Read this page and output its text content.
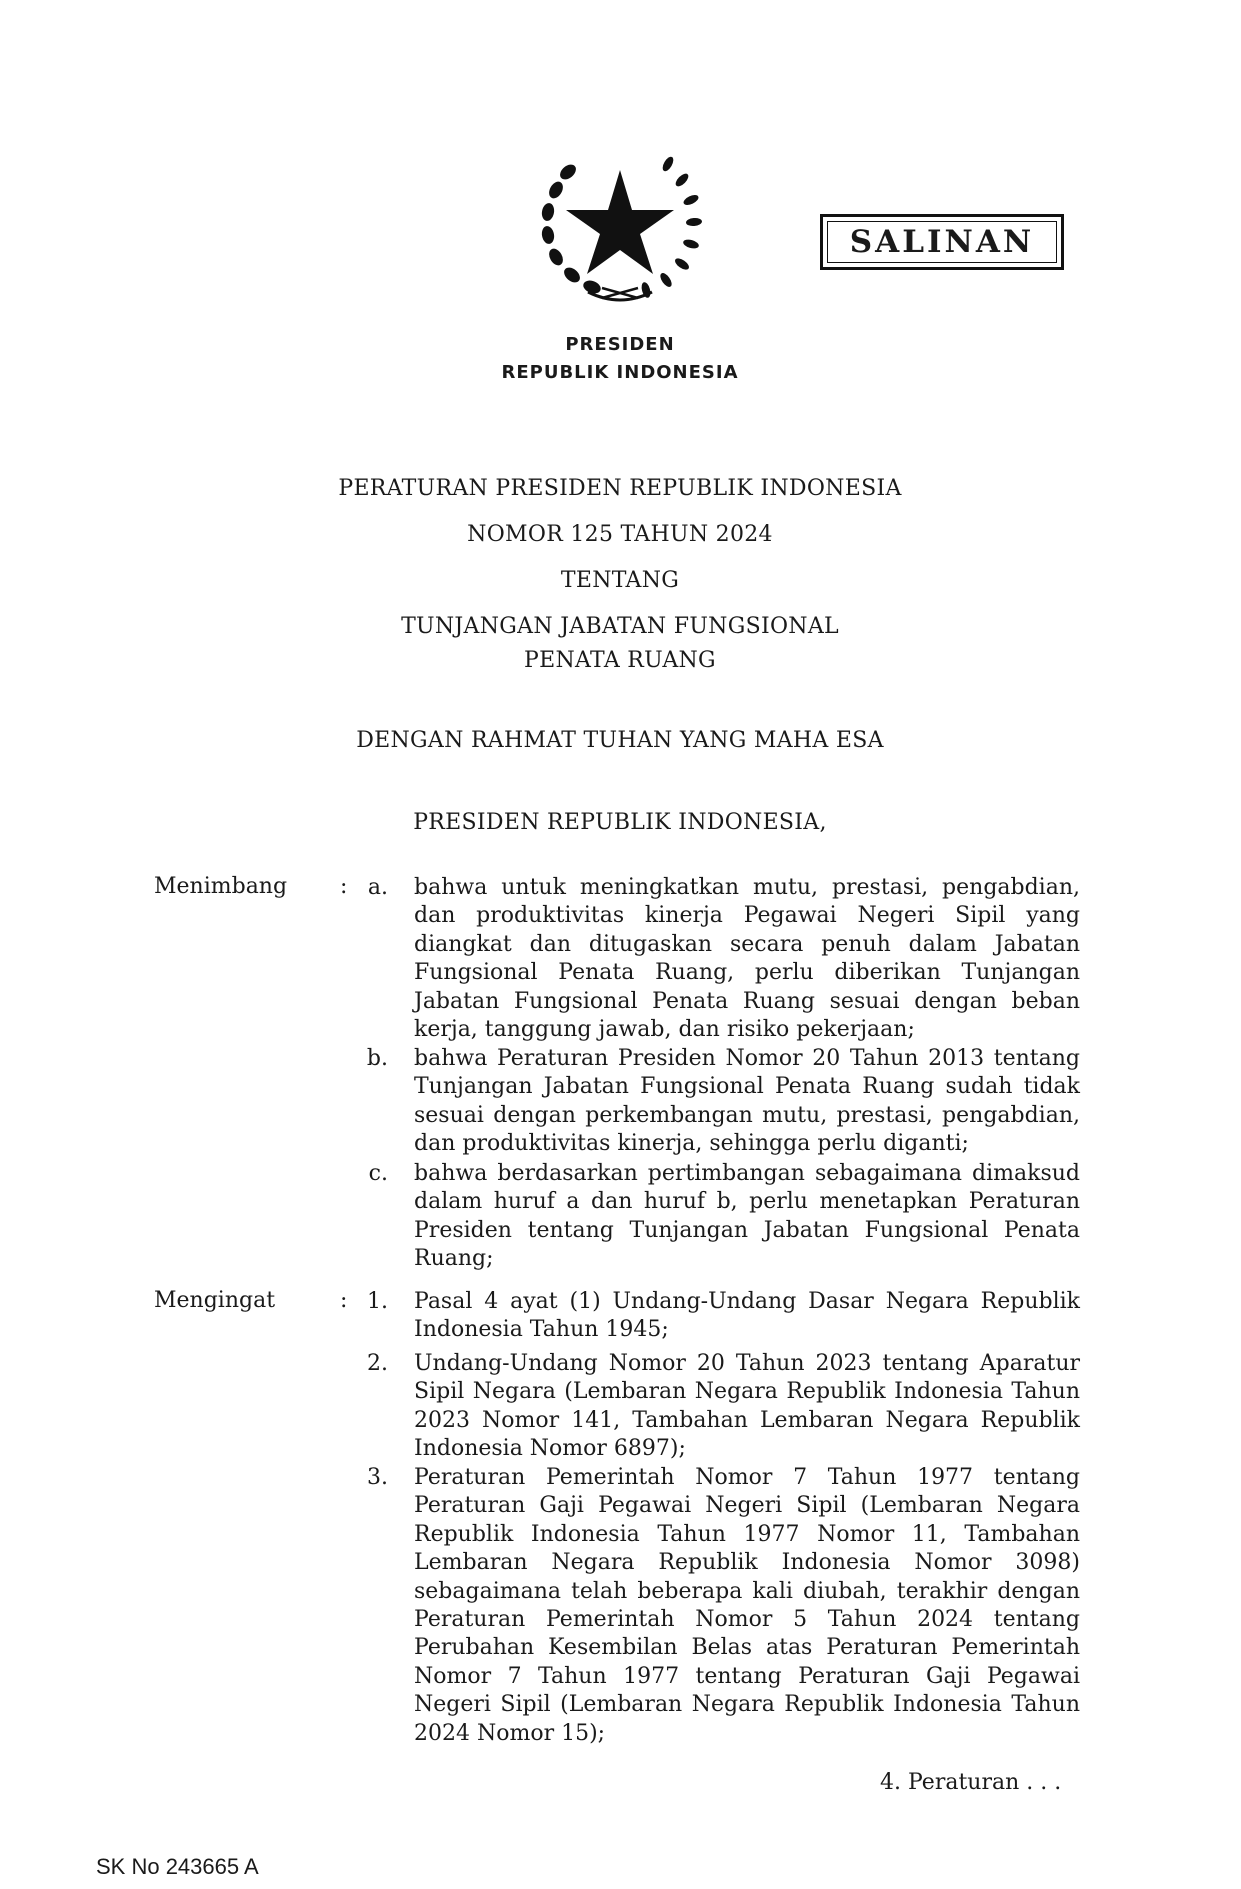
SALINAN
PRESIDEN
REPUBLIK INDONESIA
PERATURAN PRESIDEN REPUBLIK INDONESIA
NOMOR 125 TAHUN 2024
TENTANG
TUNJANGAN JABATAN FUNGSIONAL
PENATA RUANG
DENGAN RAHMAT TUHAN YANG MAHA ESA
PRESIDEN REPUBLIK INDONESIA,
Menimbang : a. bahwa untuk meningkatkan mutu, prestasi, pengabdian, dan produktivitas kinerja Pegawai Negeri Sipil yang diangkat dan ditugaskan secara penuh dalam Jabatan Fungsional Penata Ruang, perlu diberikan Tunjangan Jabatan Fungsional Penata Ruang sesuai dengan beban kerja, tanggung jawab, dan risiko pekerjaan;
b. bahwa Peraturan Presiden Nomor 20 Tahun 2013 tentang Tunjangan Jabatan Fungsional Penata Ruang sudah tidak sesuai dengan perkembangan mutu, prestasi, pengabdian, dan produktivitas kinerja, sehingga perlu diganti;
c. bahwa berdasarkan pertimbangan sebagaimana dimaksud dalam huruf a dan huruf b, perlu menetapkan Peraturan Presiden tentang Tunjangan Jabatan Fungsional Penata Ruang;
Mengingat	: 1. Pasal 4 ayat (1) Undang-Undang Dasar Negara Republik Indonesia Tahun 1945;
2. Undang-Undang Nomor 20 Tahun 2023 tentang Aparatur Sipil Negara (Lembaran Negara Republik Indonesia Tahun 2023 Nomor 141, Tambahan Lembaran Negara Republik Indonesia Nomor 6897);
3. Peraturan Pemerintah Nomor 7 Tahun 1977 tentang Peraturan Gaji Pegawai Negeri Sipil (Lembaran Negara Republik Indonesia Tahun 1977 Nomor 11, Tambahan Lembaran Negara Republik Indonesia Nomor 3098) sebagaimana telah beberapa kali diubah, terakhir dengan Peraturan Pemerintah Nomor 5 Tahun 2024 tentang Perubahan Kesembilan Belas atas Peraturan Pemerintah Nomor 7 Tahun 1977 tentang Peraturan Gaji Pegawai Negeri Sipil (Lembaran Negara Republik Indonesia Tahun 2024 Nomor 15);
4. Peraturan . . .
SK No 243665 A
